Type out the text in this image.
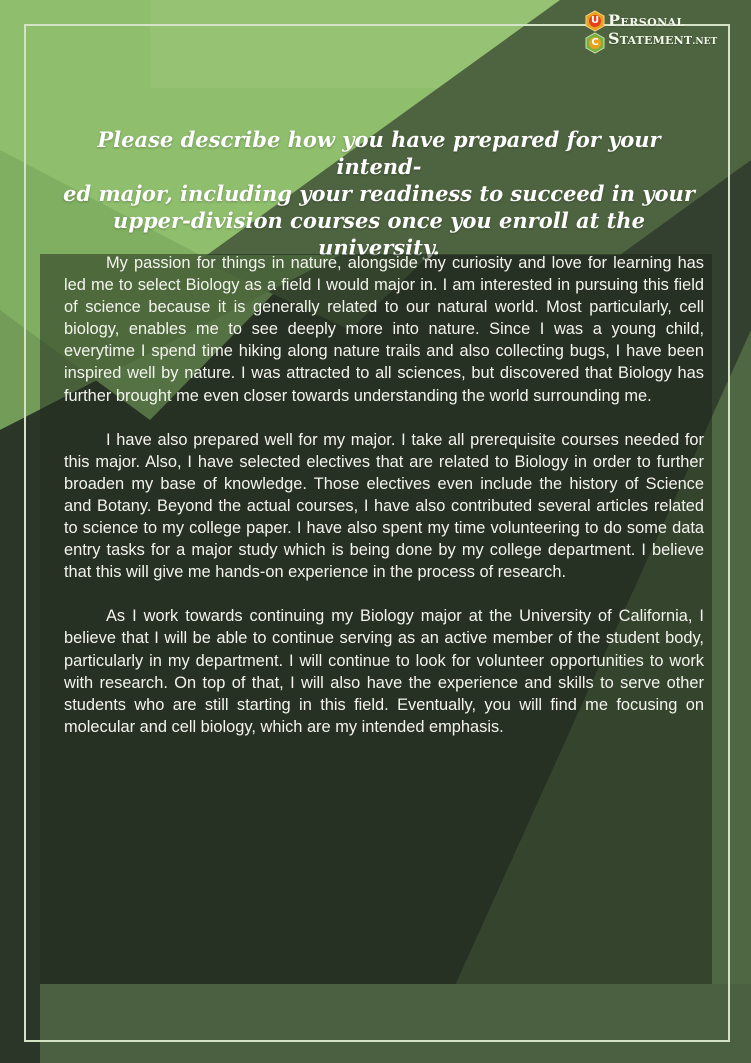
U
C
Personal
Statement.NET
Please describe how you have prepared for your intend-
ed major, including your readiness to succeed in your
upper-division courses once you enroll at the university.

My passion for things in nature, alongside my curiosity and love for learning has led me to select Biology as a field I would major in. I am interested in pursuing this field of science because it is generally related to our natural world. Most particularly, cell biology, enables me to see deeply more into nature. Since I was a young child, everytime I spend time hiking along nature trails and also collecting bugs, I have been inspired well by nature. I was attracted to all sciences, but discovered that Biology has further brought me even closer towards understanding the world surrounding me.

I have also prepared well for my major. I take all prerequisite courses needed for this major. Also, I have selected electives that are related to Biology in order to further broaden my base of knowledge. Those electives even include the history of Science and Botany. Beyond the actual courses, I have also contributed several articles related to science to my college paper. I have also spent my time volunteering to do some data entry tasks for a major study which is being done by my college department. I believe that this will give me hands-on experience in the process of research.

As I work towards continuing my Biology major at the University of California, I believe that I will be able to continue serving as an active member of the student body, particularly in my department. I will continue to look for volunteer opportunities to work with research. On top of that, I will also have the experience and skills to serve other students who are still starting in this field. Eventually, you will find me focusing on molecular and cell biology, which are my intended emphasis.
